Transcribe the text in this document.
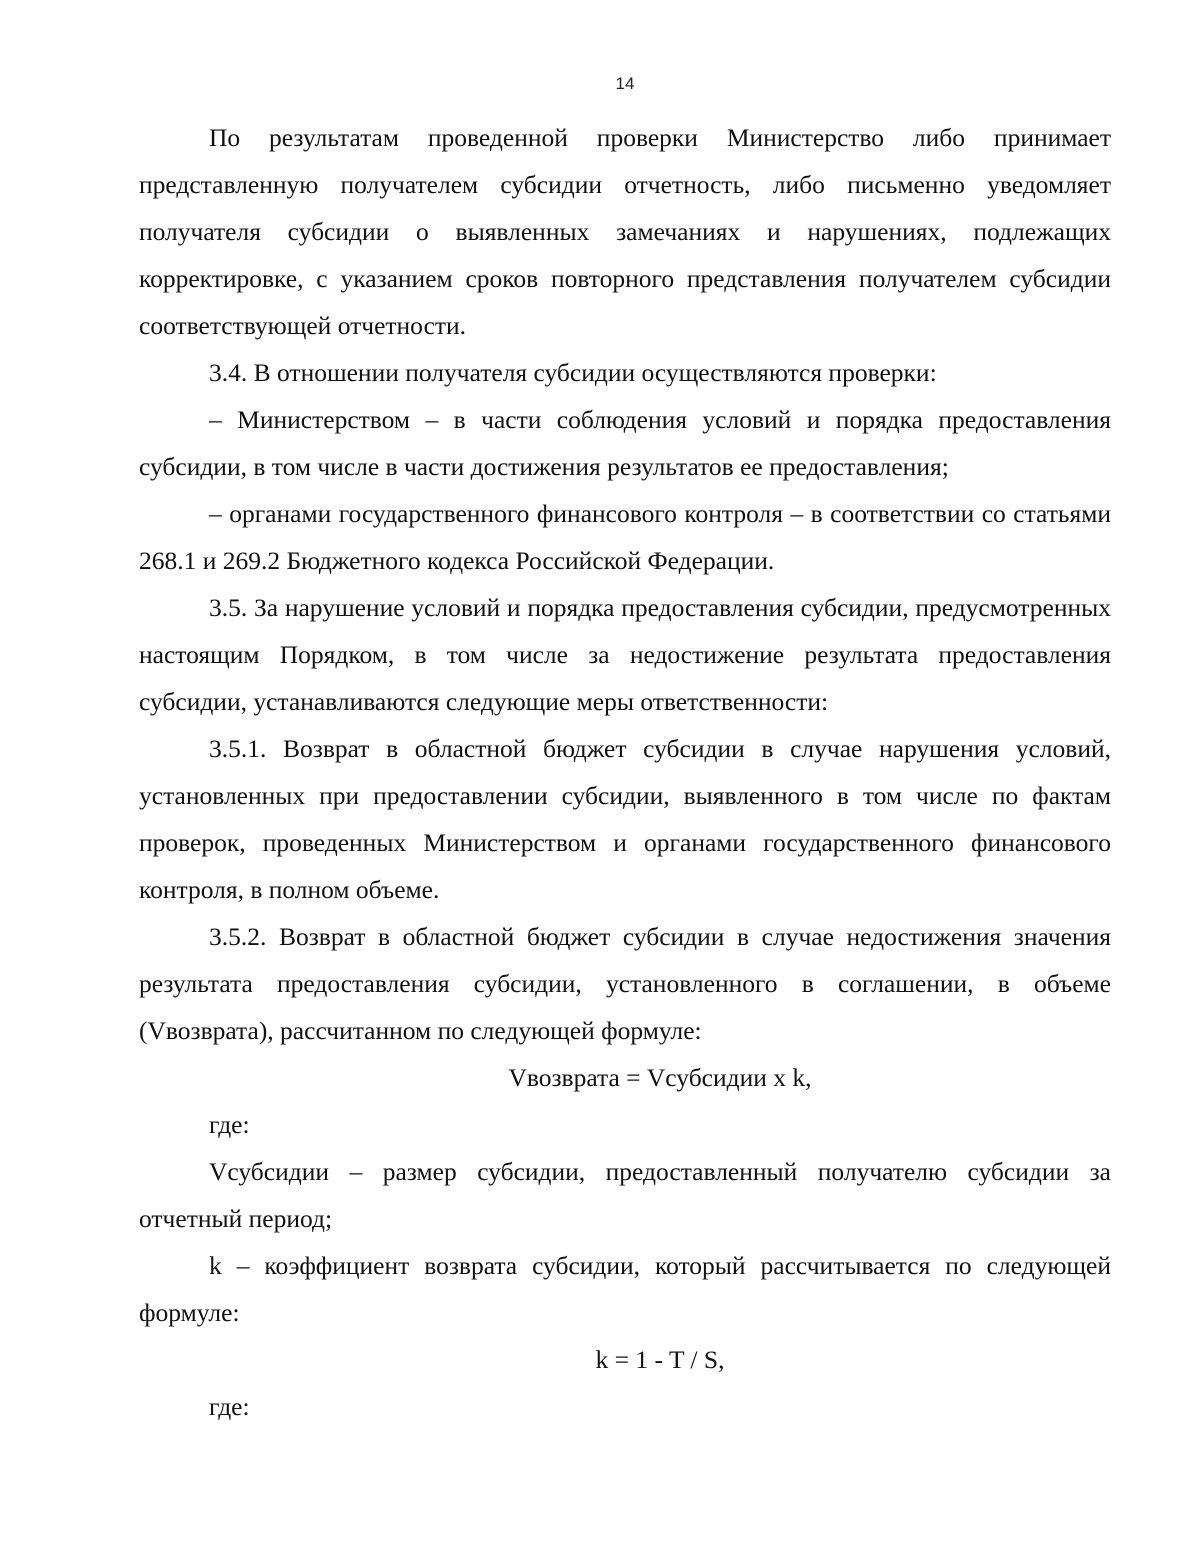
14

По результатам проведенной проверки Министерство либо принимает представленную получателем субсидии отчетность, либо письменно уведомляет получателя субсидии о выявленных замечаниях и нарушениях, подлежащих корректировке, с указанием сроков повторного представления получателем субсидии соответствующей отчетности.

3.4. В отношении получателя субсидии осуществляются проверки:

– Министерством – в части соблюдения условий и порядка предоставления субсидии, в том числе в части достижения результатов ее предоставления;

– органами государственного финансового контроля – в соответствии со статьями 268.1 и 269.2 Бюджетного кодекса Российской Федерации.

3.5. За нарушение условий и порядка предоставления субсидии, предусмотренных настоящим Порядком, в том числе за недостижение результата предоставления субсидии, устанавливаются следующие меры ответственности:

3.5.1. Возврат в областной бюджет субсидии в случае нарушения условий, установленных при предоставлении субсидии, выявленного в том числе по фактам проверок, проведенных Министерством и органами государственного финансового контроля, в полном объеме.

3.5.2. Возврат в областной бюджет субсидии в случае недостижения значения результата предоставления субсидии, установленного в соглашении, в объеме (Vвозврата), рассчитанном по следующей формуле:

Vвозврата = Vсубсидии x k,

где:

Vсубсидии – размер субсидии, предоставленный получателю субсидии за отчетный период;

k – коэффициент возврата субсидии, который рассчитывается по следующей формуле:

k = 1 - T / S,

где:
